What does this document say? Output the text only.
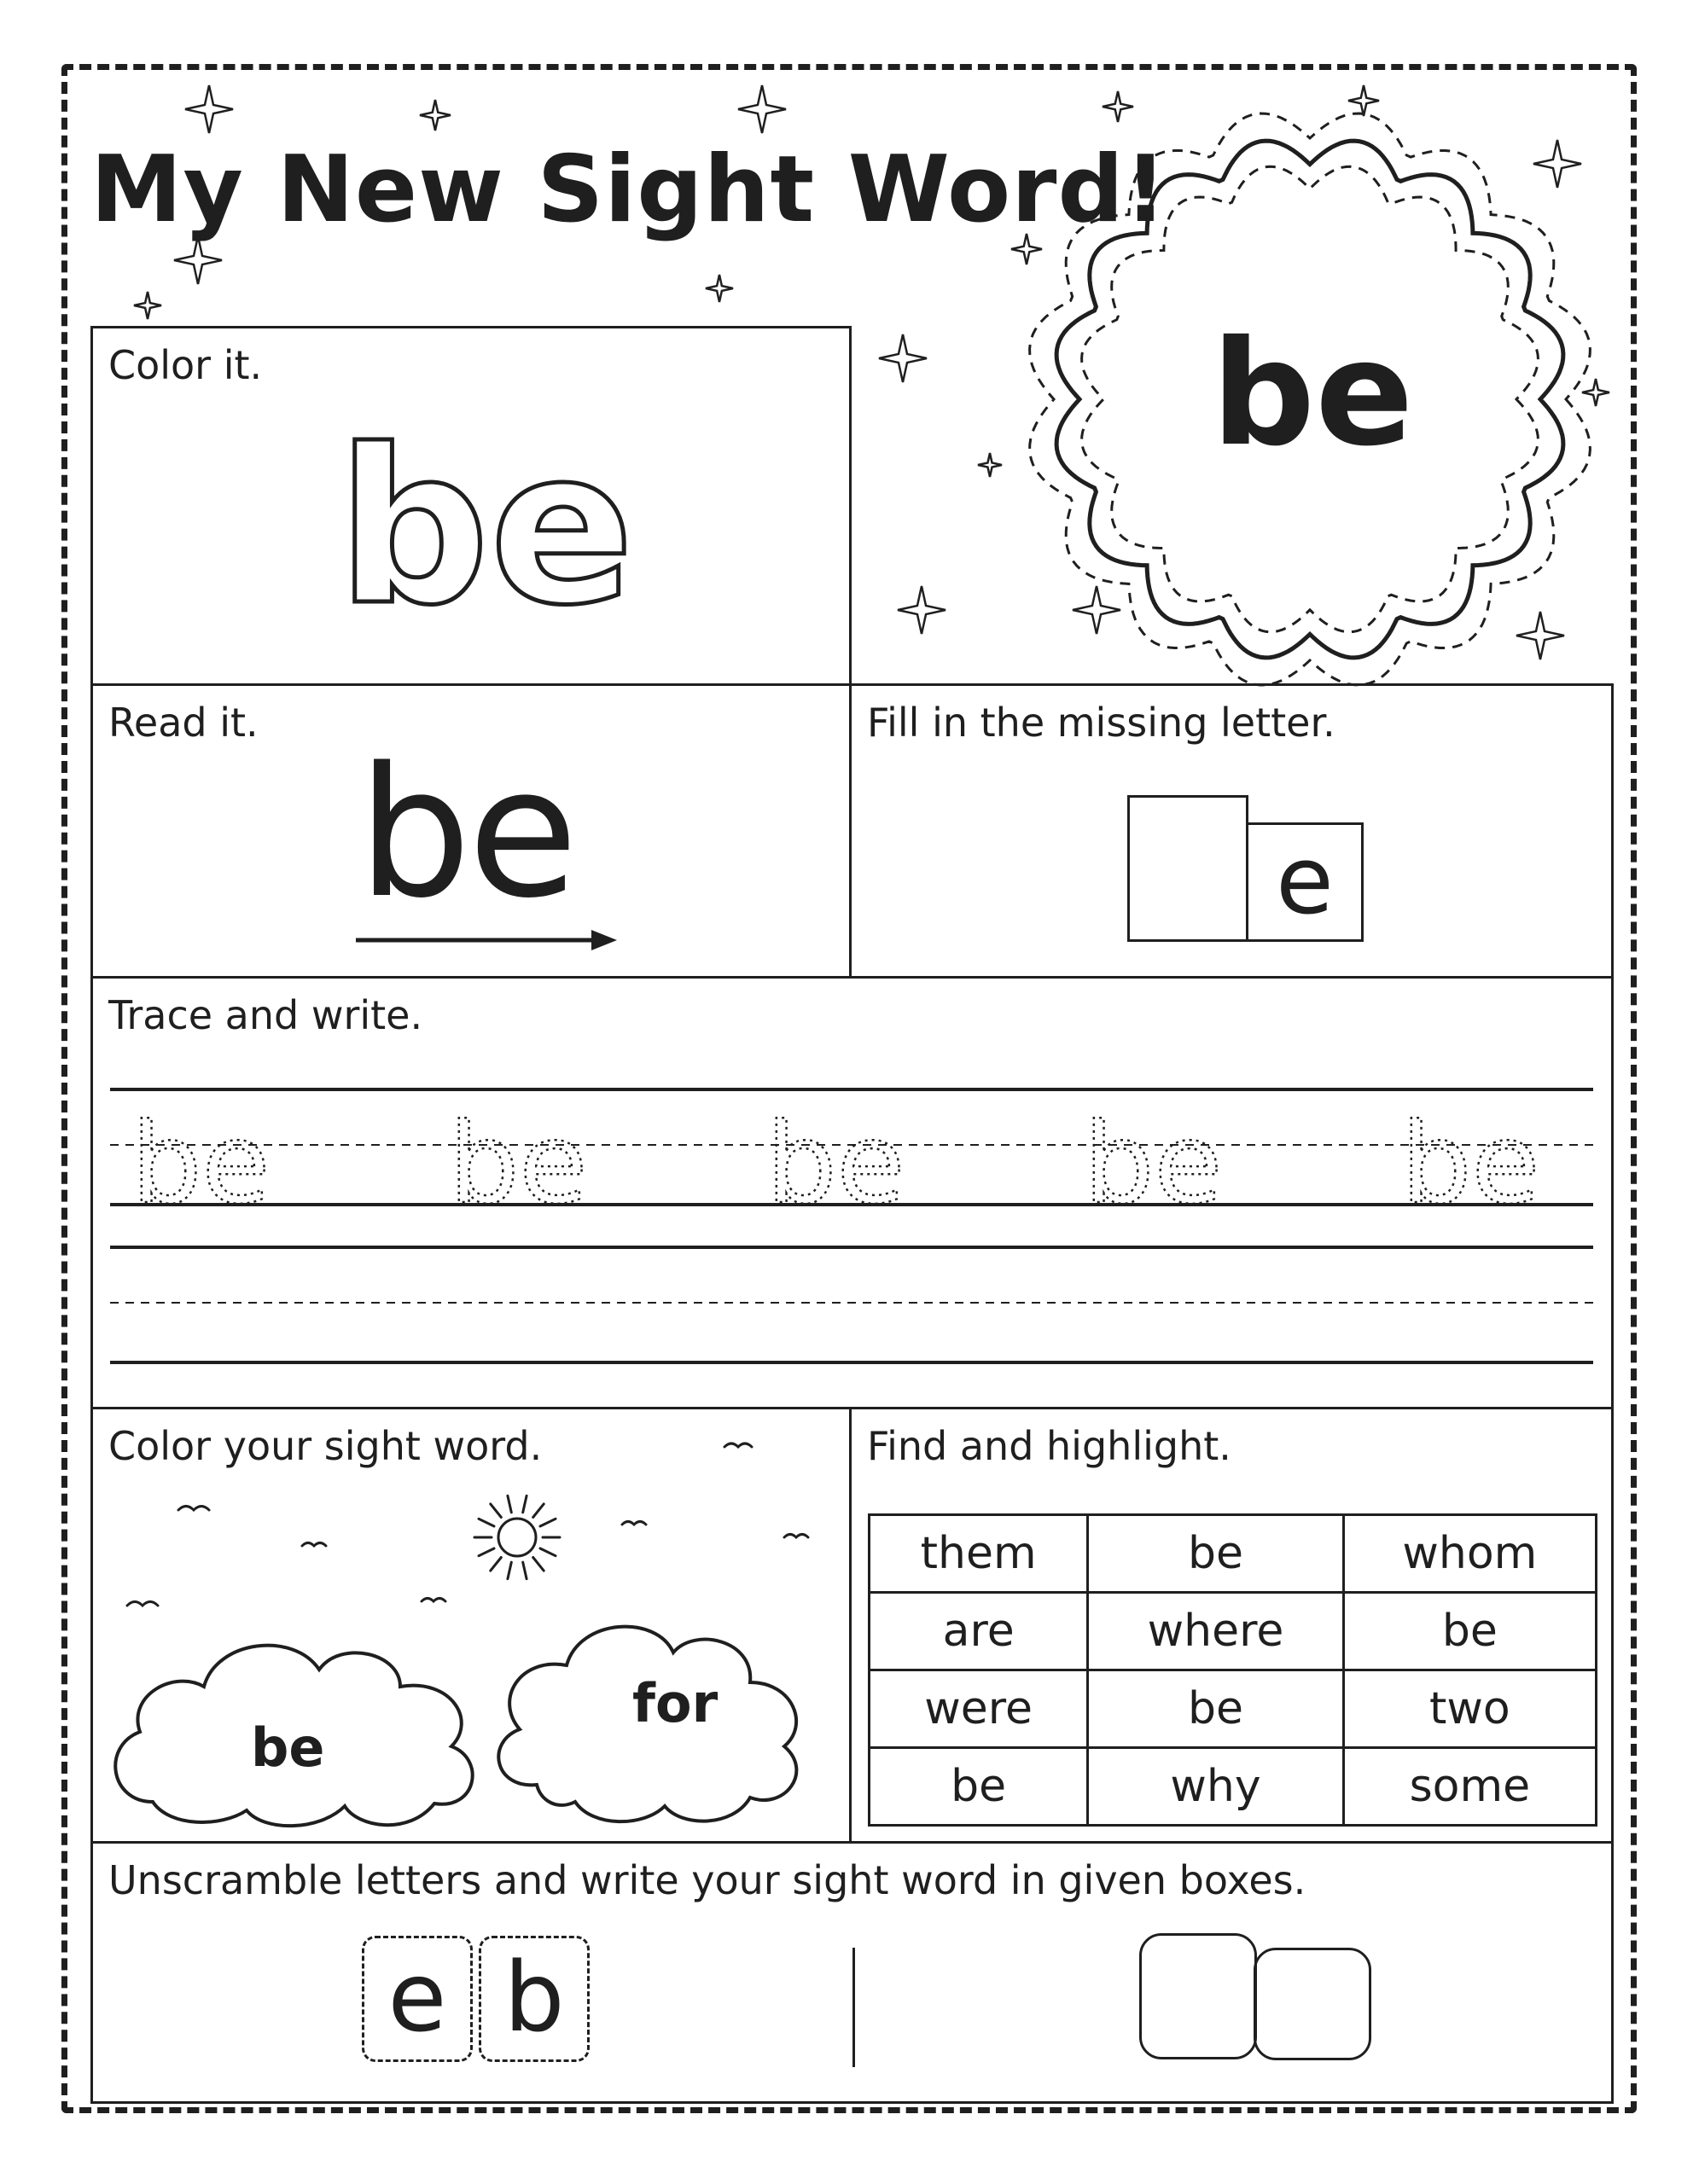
My New Sight Word!
be
Color it.
be
Read it.
be
Fill in the missing letter.
e
Trace and write.
be be be be be
Color your sight word.
be
for
Find and highlight.
them	be	whom
are	where	be
were	be	two
be	why	some
Unscramble letters and write your sight word in given boxes.
e b
